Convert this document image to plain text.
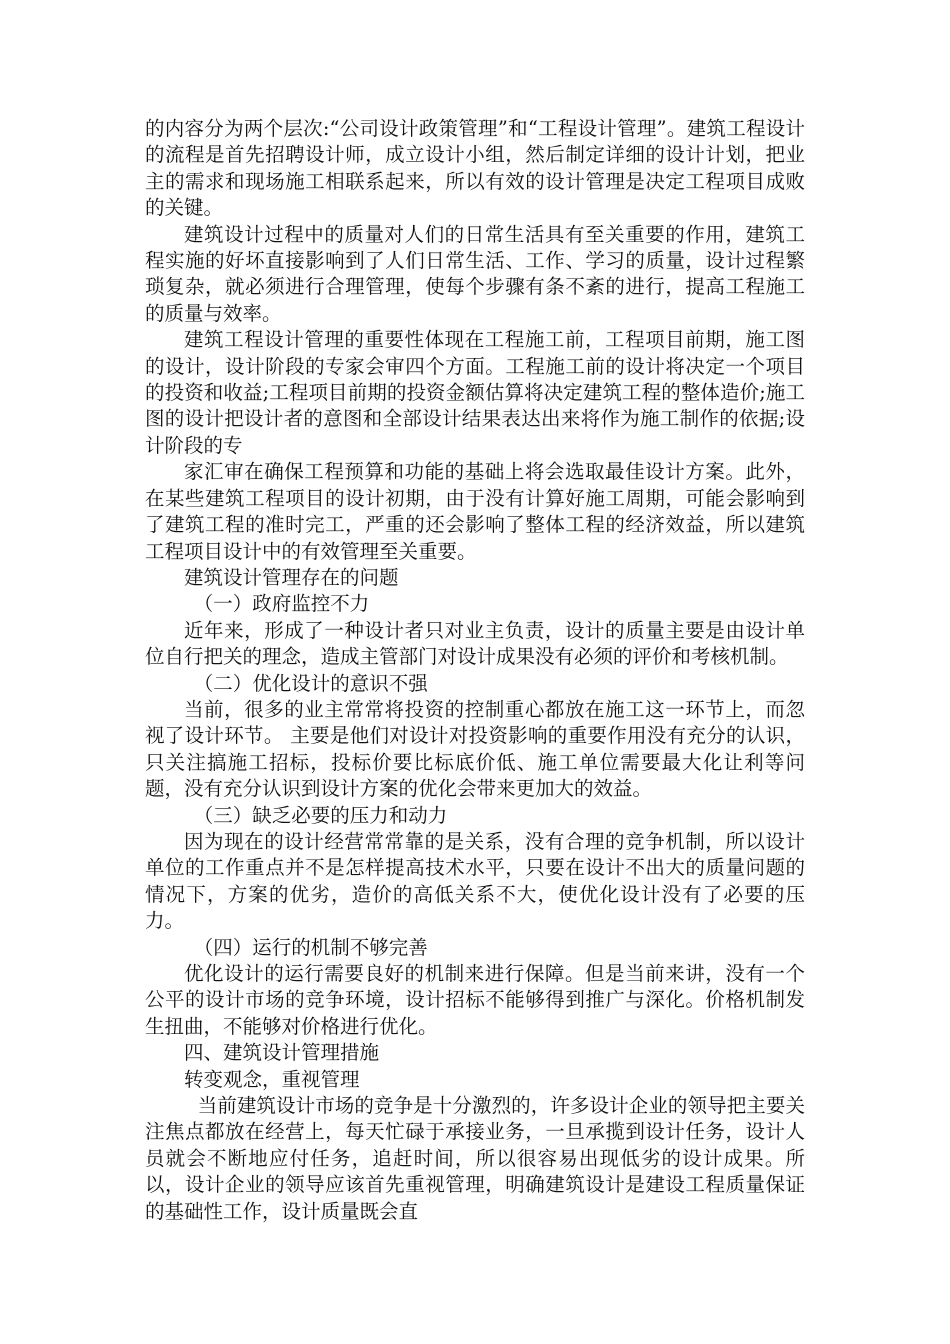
的内容分为两个层次:“公司设计政策管理”和“工程设计管理”。建筑工程设计的流程是首先招聘设计师，成立设计小组，然后制定详细的设计计划，把业主的需求和现场施工相联系起来，所以有效的设计管理是决定工程项目成败的关键。

建筑设计过程中的质量对人们的日常生活具有至关重要的作用，建筑工程实施的好坏直接影响到了人们日常生活、工作、学习的质量，设计过程繁琐复杂，就必须进行合理管理，使每个步骤有条不紊的进行，提高工程施工的质量与效率。

建筑工程设计管理的重要性体现在工程施工前，工程项目前期，施工图的设计，设计阶段的专家会审四个方面。工程施工前的设计将决定一个项目的投资和收益;工程项目前期的投资金额估算将决定建筑工程的整体造价;施工图的设计把设计者的意图和全部设计结果表达出来将作为施工制作的依据;设计阶段的专

家汇审在确保工程预算和功能的基础上将会选取最佳设计方案。此外，在某些建筑工程项目的设计初期，由于没有计算好施工周期，可能会影响到了建筑工程的准时完工，严重的还会影响了整体工程的经济效益，所以建筑工程项目设计中的有效管理至关重要。

建筑设计管理存在的问题

（一）政府监控不力

近年来，形成了一种设计者只对业主负责，设计的质量主要是由设计单位自行把关的理念，造成主管部门对设计成果没有必须的评价和考核机制。

（二）优化设计的意识不强

当前，很多的业主常常将投资的控制重心都放在施工这一环节上，而忽视了设计环节。 主要是他们对设计对投资影响的重要作用没有充分的认识，只关注搞施工招标，投标价要比标底价低、施工单位需要最大化让利等问题，没有充分认识到设计方案的优化会带来更加大的效益。

（三）缺乏必要的压力和动力

因为现在的设计经营常常靠的是关系，没有合理的竞争机制，所以设计单位的工作重点并不是怎样提高技术水平，只要在设计不出大的质量问题的情况下，方案的优劣，造价的高低关系不大，使优化设计没有了必要的压力。

（四）运行的机制不够完善

优化设计的运行需要良好的机制来进行保障。但是当前来讲，没有一个公平的设计市场的竞争环境，设计招标不能够得到推广与深化。价格机制发生扭曲，不能够对价格进行优化。

四、建筑设计管理措施

转变观念，重视管理

当前建筑设计市场的竞争是十分激烈的，许多设计企业的领导把主要关注焦点都放在经营上，每天忙碌于承接业务，一旦承揽到设计任务，设计人员就会不断地应付任务，追赶时间，所以很容易出现低劣的设计成果。所以，设计企业的领导应该首先重视管理，明确建筑设计是建设工程质量保证的基础性工作，设计质量既会直
